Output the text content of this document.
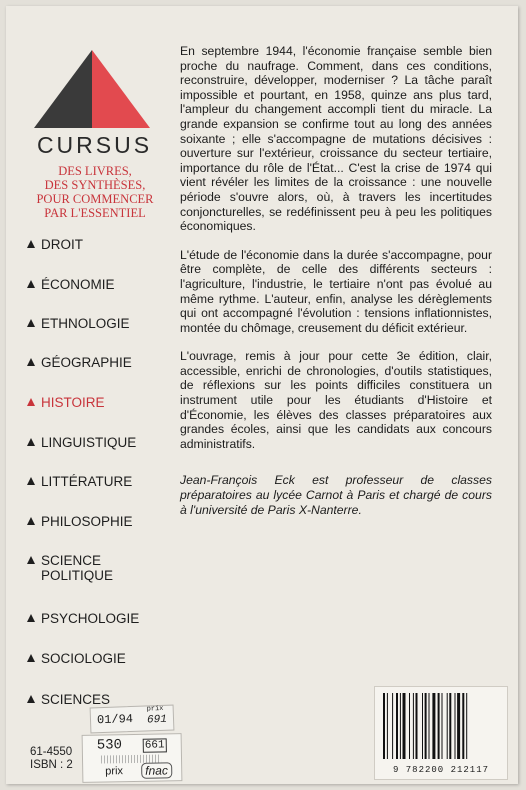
CURSUS
DES LIVRES,
DES SYNTHÈSES,
POUR COMMENCER
PAR L'ESSENTIEL
DROIT
ÉCONOMIE
ETHNOLOGIE
GÉOGRAPHIE
HISTOIRE
LINGUISTIQUE
LITTÉRATURE
PHILOSOPHIE
SCIENCE
POLITIQUE
PSYCHOLOGIE
SOCIOLOGIE
SCIENCES

En septembre 1944, l'économie française semble bien proche du naufrage. Comment, dans ces conditions, reconstruire, développer, moderniser ? La tâche paraît impossible et pourtant, en 1958, quinze ans plus tard, l'ampleur du changement accompli tient du miracle. La grande expansion se confirme tout au long des années soixante ; elle s'accompagne de mutations décisives : ouverture sur l'extérieur, croissance du secteur tertiaire, importance du rôle de l'État... C'est la crise de 1974 qui vient révéler les limites de la croissance : une nouvelle période s'ouvre alors, où, à travers les incertitudes conjoncturelles, se redéfinissent peu à peu les politiques économiques.

L'étude de l'économie dans la durée s'accompagne, pour être complète, de celle des différents secteurs : l'agriculture, l'industrie, le tertiaire n'ont pas évolué au même rythme. L'auteur, enfin, analyse les dérèglements qui ont accompagné l'évolution : tensions inflationnistes, montée du chômage, creusement du déficit extérieur.

L'ouvrage, remis à jour pour cette 3e édition, clair, accessible, enrichi de chronologies, d'outils statistiques, de réflexions sur les points difficiles constituera un instrument utile pour les étudiants d'Histoire et d'Économie, les élèves des classes préparatoires aux grandes écoles, ainsi que les candidats aux concours administratifs.

Jean-François Eck est professeur de classes préparatoires au lycée Carnot à Paris et chargé de cours à l'université de Paris X-Nanterre.

9 782200 212117
61-4550
ISBN : 2
01/94
prix
691
530 661
prix	fnac
